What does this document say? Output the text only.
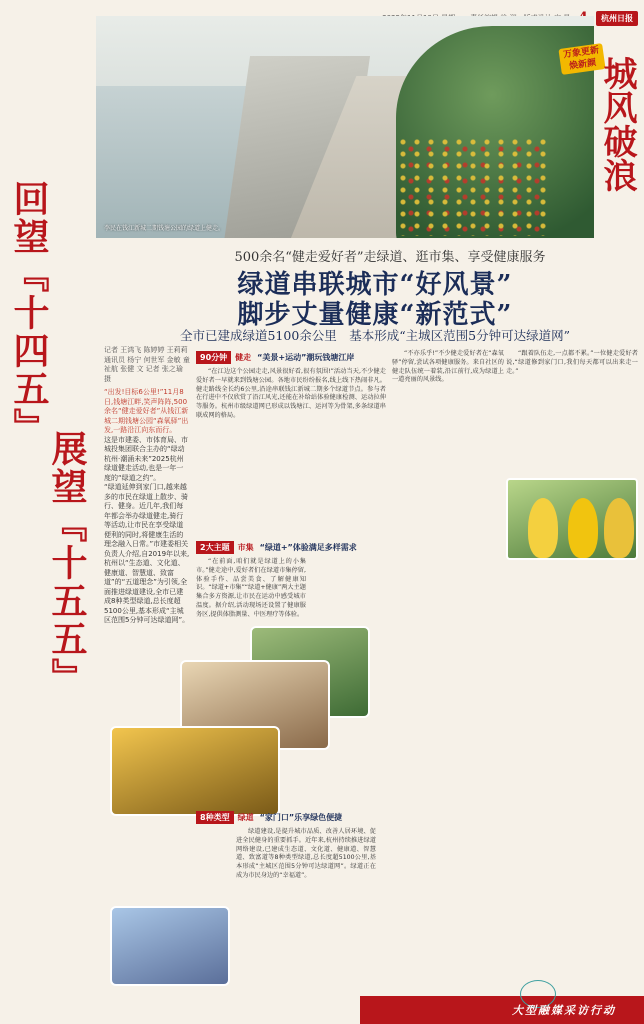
杭州日报
李民在钱江新城二期钱塘公园的绿道上健走。
万象更新焕新颜 城风破浪
回望『十四五』
展望『十五五』
500余名“健走爱好者”走绿道、逛市集、享受健康服务
绿道串联城市“好风景”
脚步丈量健康“新范式”
全市已建成绿道5100余公里　基本形成“主城区范围5分钟可达绿道网”
记者 王鸿飞 陈婷婷 王莉莉 通讯员 杨宁 何世军 金敏 童祉航 张健 文 记者 张之瑜 摄

“出发!目标6公里!”11月8日,钱塘江畔,笑声阵阵,500余名“健走爱好者”从钱江新城二期钱塘公园“森氧驿”出发,一路沿江向东而行。

这是市建委、市体育局、市城投集团联合主办的“绿动杭州·潮涌未来”2025杭州绿道健走活动,也是一年一度的“绿道之约”。

“绿道延伸到家门口,越来越多的市民在绿道上散步、骑行、健身。近几年,我们每年都会举办绿道健走,骑行等活动,让市民在享受绿道便利的同时,将健康生活的理念融入日常。”市建委相关负责人介绍,自2019年以来,杭州以“生态道、文化道、健康道、智慧道、致富道”的“五道理念”为引领,全面推进绿道建设,全市已建成8种类型绿道,总长度超5100公里,基本形成“主城区范围5分钟可达绿道网”。

90分钟	健走 “美景+运动”潮玩钱塘江岸

“在江边这个公园走走,风景很好看,很有氛围!”活动当天,不少健走爱好者一早就来到钱塘公园。各地市民纷纷报名,线上线下热闹非凡。健走路线全长约6公里,沿途串联钱江新城二期多个绿道节点。参与者在行进中不仅欣赏了沿江风光,还能在补给站体验健康检测、运动拉伸等服务。杭州市级绿道网已形成以钱塘江、运河等为骨架,多条绿道串联成网的格局。

“不亦乐乎!”不少健走爱好者在“森氧驿”停留,尝试各项健康服务。来自社区的健走队伍统一着装,沿江前行,成为绿道上一道亮丽的风景线。

“跟着队伍走,一点都不累。”一位健走爱好者说,“绿道修到家门口,我们每天都可以出来走一走。”

2大主题	市集 “绿道+”体验满足多样需求

“在前面,咱们就是绿道上的小集市。”健走途中,爱好者们在绿道市集停留,体验手作、品尝美食、了解健康知识。“绿道+市集”“绿道+健康”两大主题集合多方资源,让市民在运动中感受城市温度。据介绍,活动现场还设置了健康服务区,提供体脂测量、中医理疗等体验。

8种类型	绿道 “家门口”乐享绿色便捷

绿道建设,是提升城市品质、改善人居环境、促进全民健身的重要抓手。近年来,杭州持续推进绿道网络建设,已建成生态道、文化道、健康道、智慧道、致富道等8种类型绿道,总长度超5100公里,基本形成“主城区范围5分钟可达绿道网”。绿道正在成为市民身边的“幸福道”。

大型融媒采访行动
